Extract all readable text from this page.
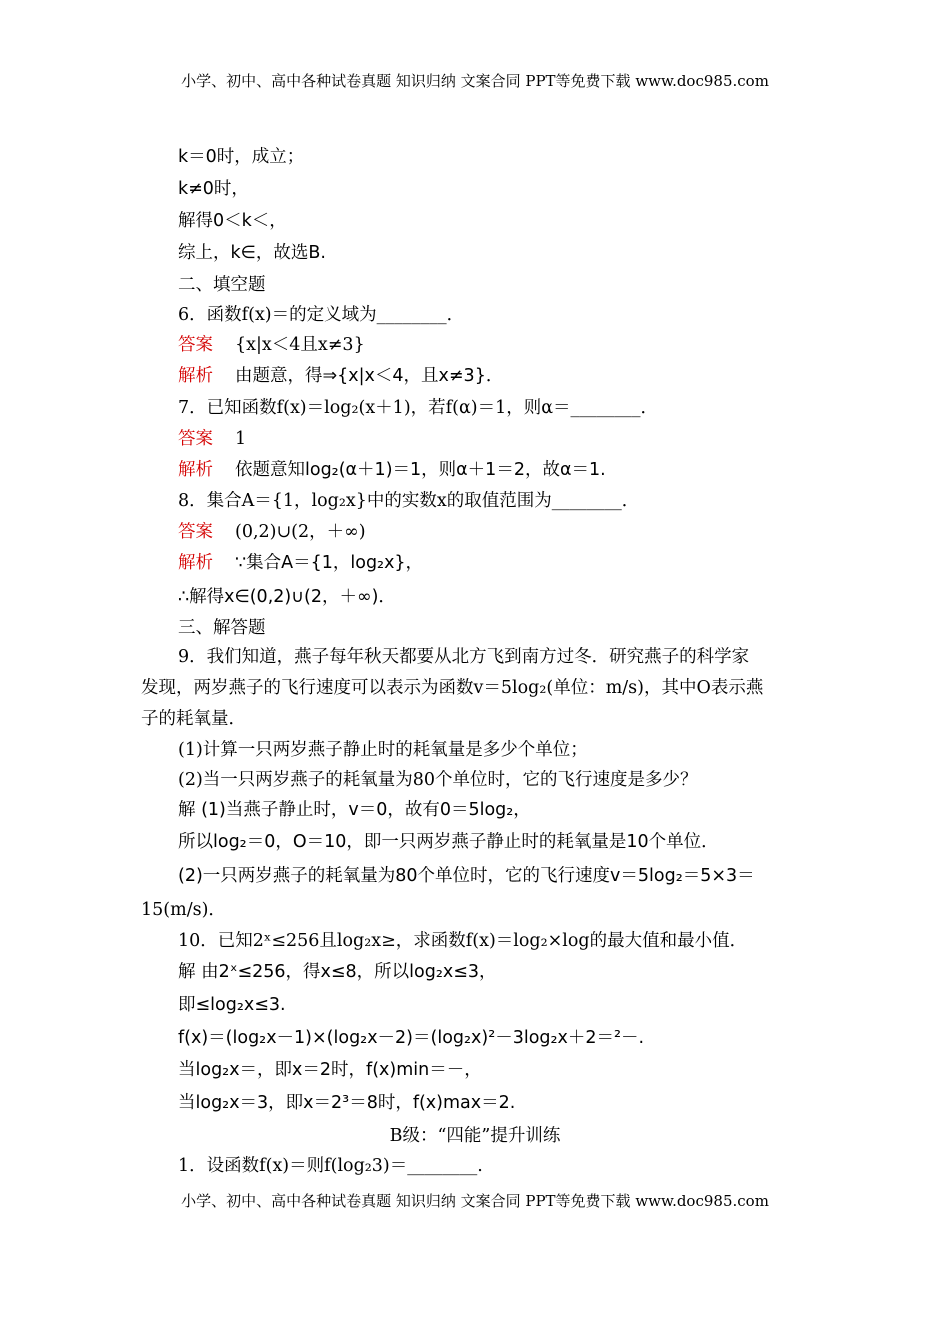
小学、初中、高中各种试卷真题 知识归纳 文案合同 PPT等免费下载 www.doc985.com
k＝0时，成立；
k≠0时，
解得0＜k＜，
综上，k∈，故选B.
二、填空题
6．函数f(x)＝的定义域为________．
答案 {x|x＜4且x≠3}
解析 由题意，得⇒{x|x＜4，且x≠3}．
7．已知函数f(x)＝log₂(x＋1)，若f(α)＝1，则α＝________．
答案 1
解析 依题意知log₂(α＋1)＝1，则α＋1＝2，故α＝1.
8．集合A＝{1，log₂x}中的实数x的取值范围为________．
答案 (0,2)∪(2，＋∞)
解析 ∵集合A＝{1，log₂x}，
∴解得x∈(0,2)∪(2，＋∞)．
三、解答题
9．我们知道，燕子每年秋天都要从北方飞到南方过冬．研究燕子的科学家
发现，两岁燕子的飞行速度可以表示为函数v＝5log₂(单位：m/s)，其中O表示燕
子的耗氧量．
(1)计算一只两岁燕子静止时的耗氧量是多少个单位；
(2)当一只两岁燕子的耗氧量为80个单位时，它的飞行速度是多少？
解 (1)当燕子静止时，v＝0，故有0＝5log₂，
所以log₂＝0，O＝10，即一只两岁燕子静止时的耗氧量是10个单位．
(2)一只两岁燕子的耗氧量为80个单位时，它的飞行速度v＝5log₂＝5×3＝
15(m/s)．
10．已知2ˣ≤256且log₂x≥，求函数f(x)＝log₂×log的最大值和最小值．
解 由2ˣ≤256，得x≤8，所以log₂x≤3，
即≤log₂x≤3.
f(x)＝(log₂x－1)×(log₂x－2)＝(log₂x)²－3log₂x＋2＝²－.
当log₂x＝，即x＝2时，f(x)min＝－，
当log₂x＝3，即x＝2³＝8时，f(x)max＝2.
B级：“四能”提升训练
1．设函数f(x)＝则f(log₂3)＝________.
小学、初中、高中各种试卷真题 知识归纳 文案合同 PPT等免费下载 www.doc985.com
